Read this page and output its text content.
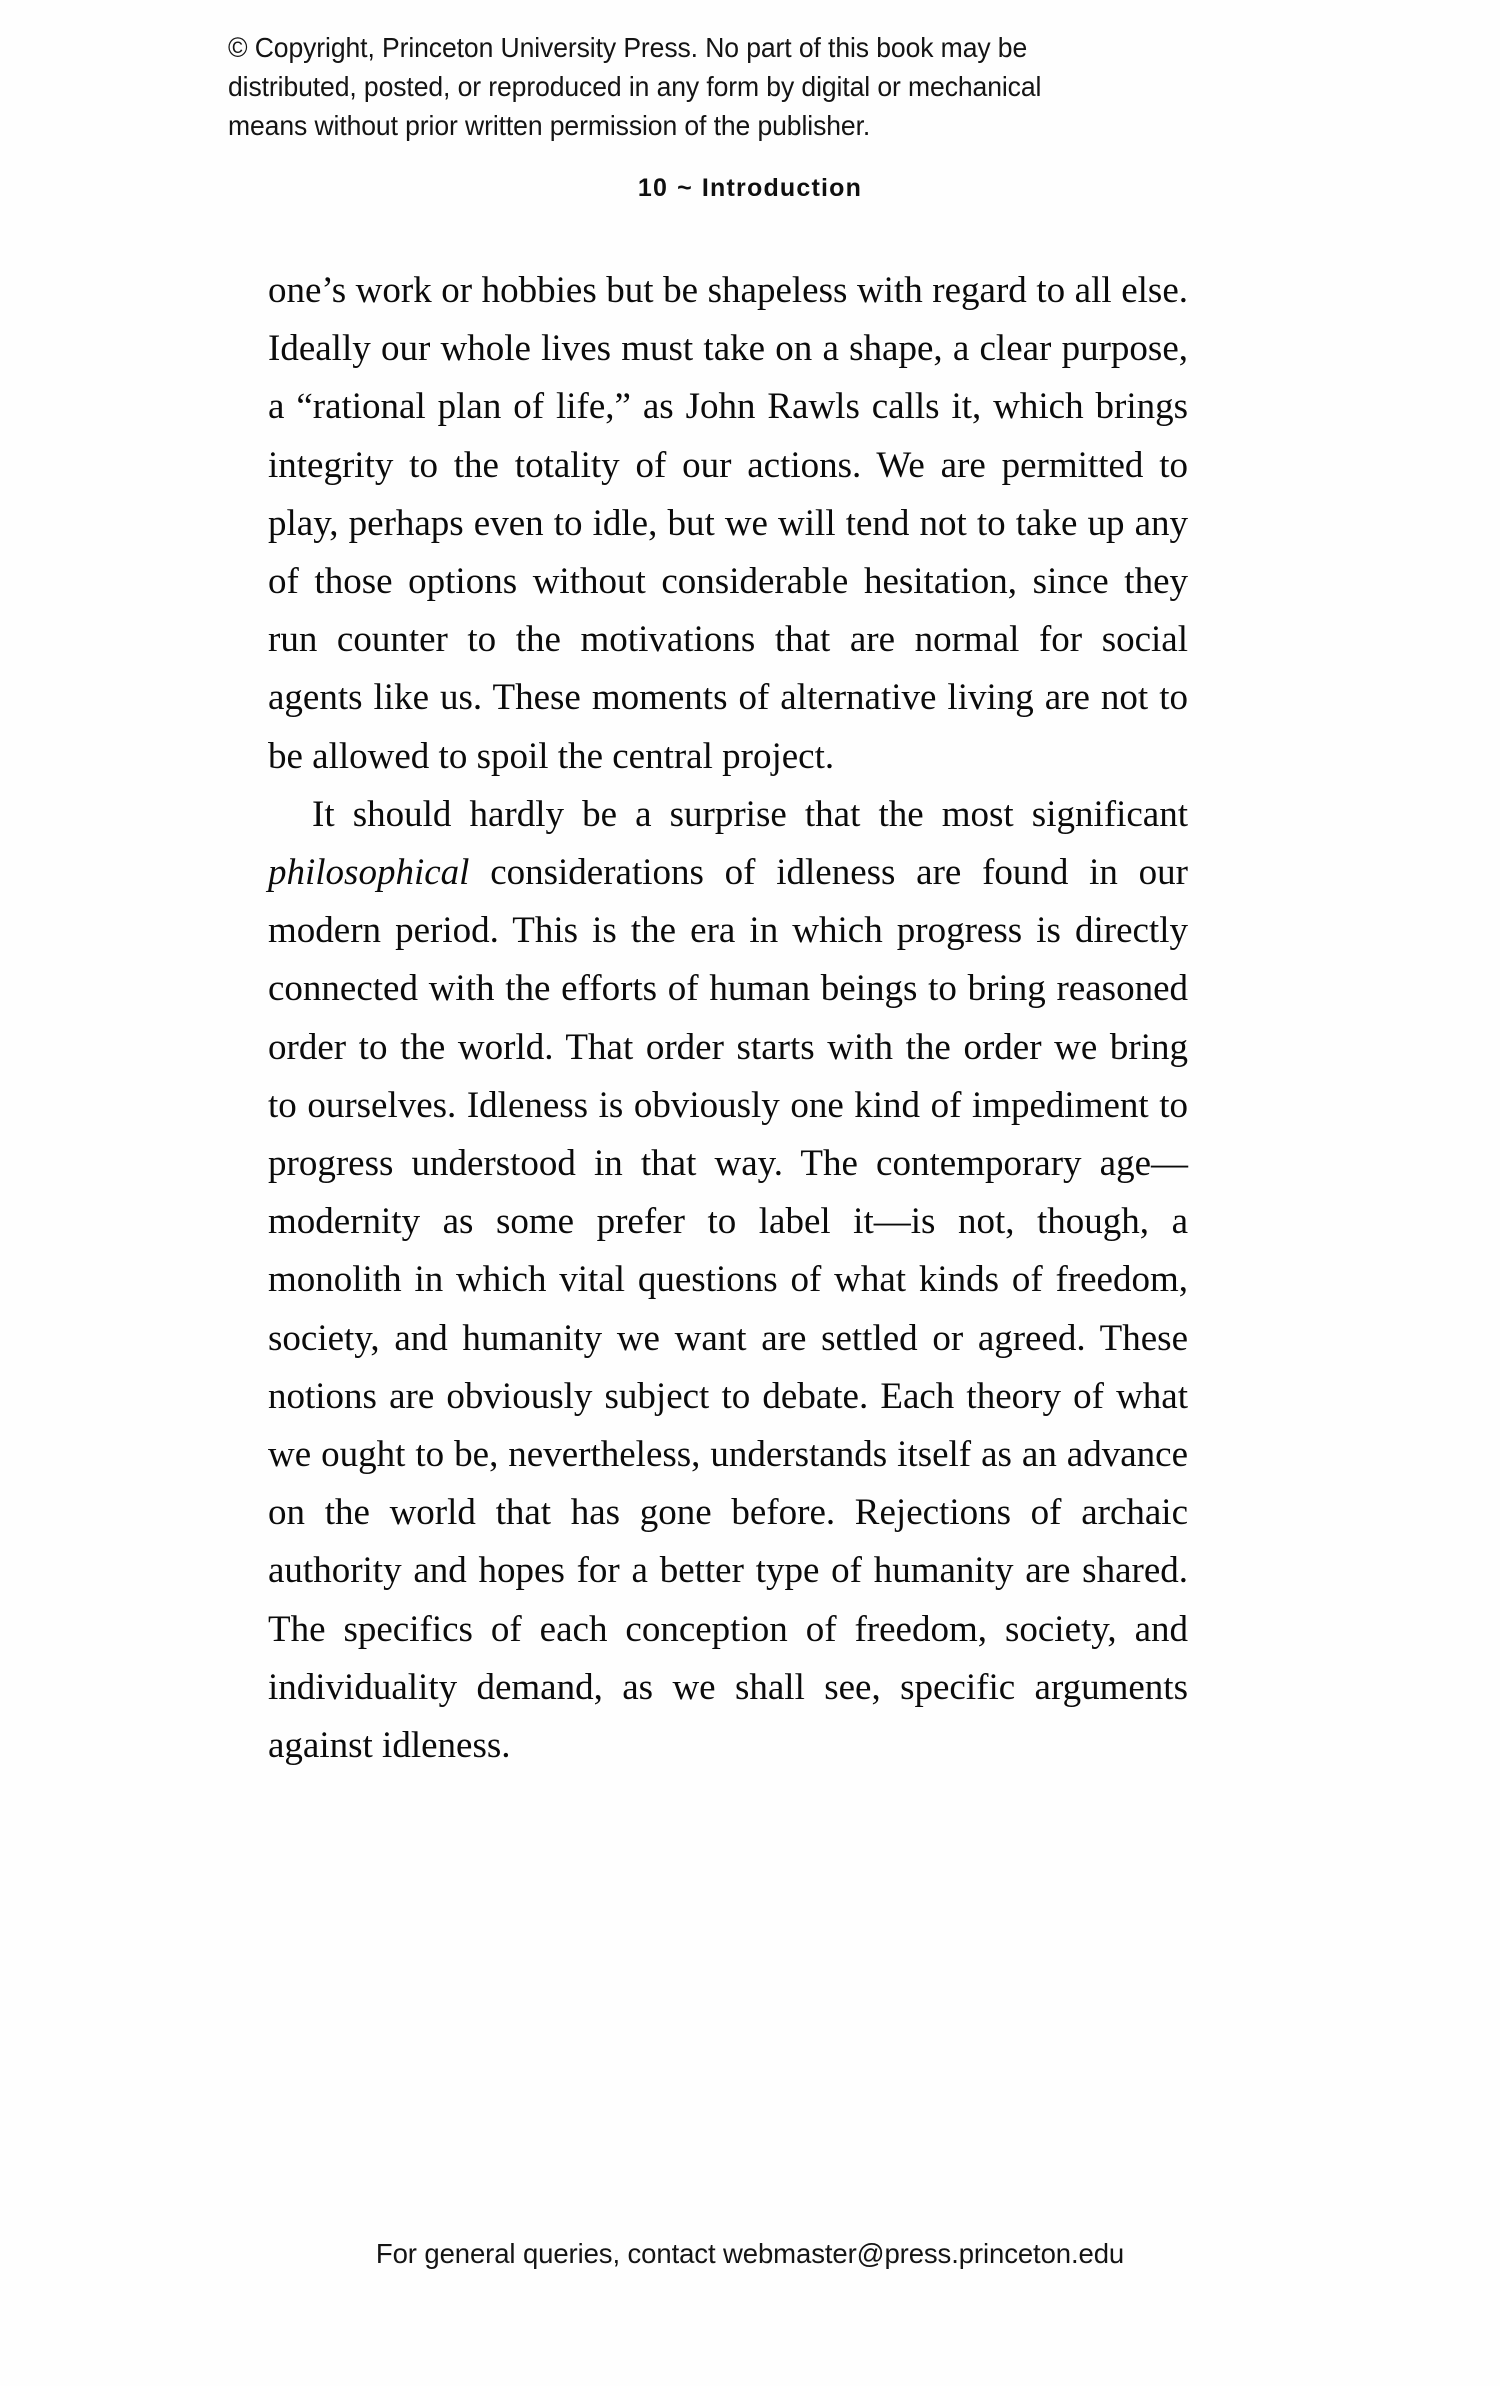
© Copyright, Princeton University Press. No part of this book may be
distributed, posted, or reproduced in any form by digital or mechanical
means without prior written permission of the publisher.
10 ~ Introduction

one’s work or hobbies but be shapeless with regard to all else. Ideally our whole lives must take on a shape, a clear purpose, a “rational plan of life,” as John Rawls calls it, which brings integrity to the totality of our actions. We are permitted to play, perhaps even to idle, but we will tend not to take up any of those options without considerable hesitation, since they run counter to the motivations that are normal for social agents like us. These moments of alternative living are not to be allowed to spoil the central project.

It should hardly be a surprise that the most significant philosophical considerations of idleness are found in our modern period. This is the era in which progress is directly connected with the efforts of human beings to bring reasoned order to the world. That order starts with the order we bring to ourselves. Idleness is obviously one kind of impediment to progress understood in that way. The contemporary age—modernity as some prefer to label it—is not, though, a monolith in which vital questions of what kinds of freedom, society, and humanity we want are settled or agreed. These notions are obviously subject to debate. Each theory of what we ought to be, nevertheless, understands itself as an advance on the world that has gone before. Rejections of archaic authority and hopes for a better type of humanity are shared. The specifics of each conception of freedom, society, and individuality demand, as we shall see, specific arguments against idleness.

For general queries, contact webmaster@press.princeton.edu
